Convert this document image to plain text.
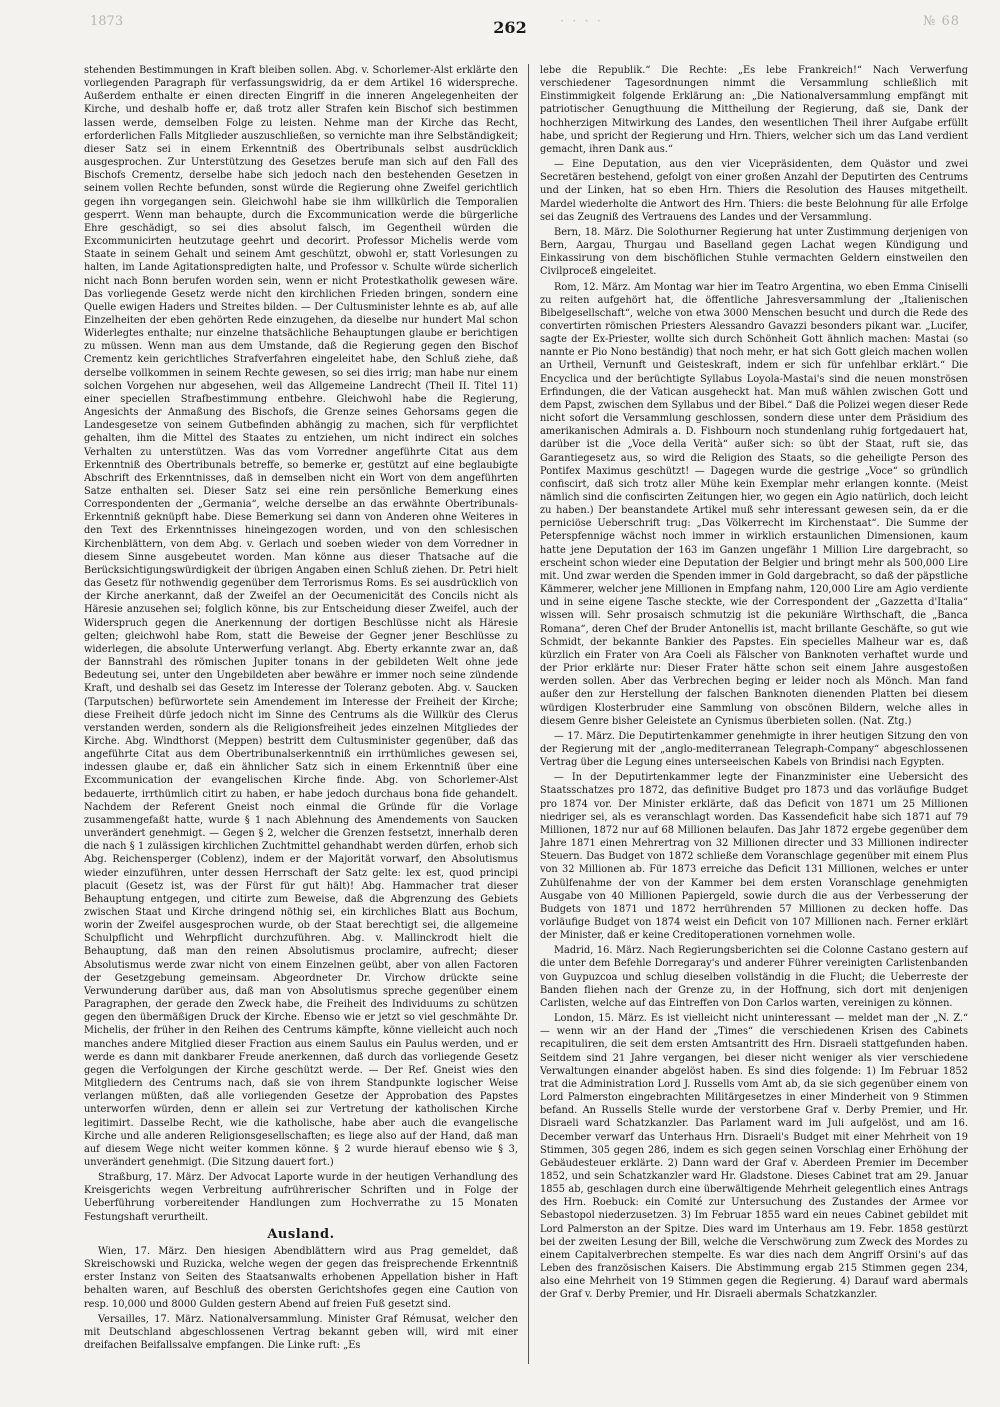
1873	· · · ·	№ 68
262

stehenden Bestimmungen in Kraft bleiben sollen. Abg. v. Schorlemer-Alst erklärte den vorliegenden Paragraph für verfassungswidrig, da er dem Artikel 16 widerspreche. Außerdem enthalte er einen directen Eingriff in die inneren Angelegenheiten der Kirche, und deshalb hoffe er, daß trotz aller Strafen kein Bischof sich bestimmen lassen werde, demselben Folge zu leisten. Nehme man der Kirche das Recht, erforderlichen Falls Mitglieder auszuschließen, so vernichte man ihre Selbständigkeit; dieser Satz sei in einem Erkenntniß des Obertribunals selbst ausdrücklich ausgesprochen. Zur Unterstützung des Gesetzes berufe man sich auf den Fall des Bischofs Crementz, derselbe habe sich jedoch nach den bestehenden Gesetzen in seinem vollen Rechte befunden, sonst würde die Regierung ohne Zweifel gerichtlich gegen ihn vorgegangen sein. Gleichwohl habe sie ihm willkürlich die Temporalien gesperrt. Wenn man behaupte, durch die Excommunication werde die bürgerliche Ehre geschädigt, so sei dies absolut falsch, im Gegentheil würden die Excommunicirten heutzutage geehrt und decorirt. Professor Michelis werde vom Staate in seinem Gehalt und seinem Amt geschützt, obwohl er, statt Vorlesungen zu halten, im Lande Agitationspredigten halte, und Professor v. Schulte würde sicherlich nicht nach Bonn berufen worden sein, wenn er nicht Protestkatholik gewesen wäre. Das vorliegende Gesetz werde nicht den kirchlichen Frieden bringen, sondern eine Quelle ewigen Haders und Streites bilden. — Der Cultusminister lehnte es ab, auf alle Einzelheiten der eben gehörten Rede einzugehen, da dieselbe nur hundert Mal schon Widerlegtes enthalte; nur einzelne thatsächliche Behauptungen glaube er berichtigen zu müssen. Wenn man aus dem Umstande, daß die Regierung gegen den Bischof Crementz kein gerichtliches Strafverfahren eingeleitet habe, den Schluß ziehe, daß derselbe vollkommen in seinem Rechte gewesen, so sei dies irrig; man habe nur einem solchen Vorgehen nur abgesehen, weil das Allgemeine Landrecht (Theil II. Titel 11) einer speciellen Strafbestimmung entbehre. Gleichwohl habe die Regierung, Angesichts der Anmaßung des Bischofs, die Grenze seines Gehorsams gegen die Landesgesetze von seinem Gutbefinden abhängig zu machen, sich für verpflichtet gehalten, ihm die Mittel des Staates zu entziehen, um nicht indirect ein solches Verhalten zu unterstützen. Was das vom Vorredner angeführte Citat aus dem Erkenntniß des Obertribunals betreffe, so bemerke er, gestützt auf eine beglaubigte Abschrift des Erkenntnisses, daß in demselben nicht ein Wort von dem angeführten Satze enthalten sei. Dieser Satz sei eine rein persönliche Bemerkung eines Correspondenten der „Germania“, welche derselbe an das erwähnte Obertribunals-Erkenntniß geknüpft habe. Diese Bemerkung sei dann von Anderen ohne Weiteres in den Text des Erkenntnisses hineingezogen worden, und von den schlesischen Kirchenblättern, von dem Abg. v. Gerlach und soeben wieder von dem Vorredner in diesem Sinne ausgebeutet worden. Man könne aus dieser Thatsache auf die Berücksichtigungswürdigkeit der übrigen Angaben einen Schluß ziehen. Dr. Petri hielt das Gesetz für nothwendig gegenüber dem Terrorismus Roms. Es sei ausdrücklich von der Kirche anerkannt, daß der Zweifel an der Oecumenicität des Concils nicht als Häresie anzusehen sei; folglich könne, bis zur Entscheidung dieser Zweifel, auch der Widerspruch gegen die Anerkennung der dortigen Beschlüsse nicht als Häresie gelten; gleichwohl habe Rom, statt die Beweise der Gegner jener Beschlüsse zu widerlegen, die absolute Unterwerfung verlangt. Abg. Eberty erkannte zwar an, daß der Bannstrahl des römischen Jupiter tonans in der gebildeten Welt ohne jede Bedeutung sei, unter den Ungebildeten aber bewähre er immer noch seine zündende Kraft, und deshalb sei das Gesetz im Interesse der Toleranz geboten. Abg. v. Saucken (Tarputschen) befürwortete sein Amendement im Interesse der Freiheit der Kirche; diese Freiheit dürfe jedoch nicht im Sinne des Centrums als die Willkür des Clerus verstanden werden, sondern als die Religionsfreiheit jedes einzelnen Mitgliedes der Kirche. Abg. Windthorst (Meppen) bestritt dem Cultusminister gegenüber, daß das angeführte Citat aus dem Obertribunalserkenntniß ein irrthümliches gewesen sei, indessen glaube er, daß ein ähnlicher Satz sich in einem Erkenntniß über eine Excommunication der evangelischen Kirche finde. Abg. von Schorlemer-Alst bedauerte, irrthümlich citirt zu haben, er habe jedoch durchaus bona fide gehandelt. Nachdem der Referent Gneist noch einmal die Gründe für die Vorlage zusammengefaßt hatte, wurde § 1 nach Ablehnung des Amendements von Saucken unverändert genehmigt. — Gegen § 2, welcher die Grenzen festsetzt, innerhalb deren die nach § 1 zulässigen kirchlichen Zuchtmittel gehandhabt werden dürfen, erhob sich Abg. Reichensperger (Coblenz), indem er der Majorität vorwarf, den Absolutismus wieder einzuführen, unter dessen Herrschaft der Satz gelte: lex est, quod principi placuit (Gesetz ist, was der Fürst für gut hält)! Abg. Hammacher trat dieser Behauptung entgegen, und citirte zum Beweise, daß die Abgrenzung des Gebiets zwischen Staat und Kirche dringend nöthig sei, ein kirchliches Blatt aus Bochum, worin der Zweifel ausgesprochen wurde, ob der Staat berechtigt sei, die allgemeine Schulpflicht und Wehrpflicht durchzuführen. Abg. v. Mallinckrodt hielt die Behauptung, daß man den reinen Absolutismus proclamire, aufrecht; dieser Absolutismus werde zwar nicht von einem Einzelnen geübt, aber von allen Factoren der Gesetzgebung gemeinsam. Abgeordneter Dr. Virchow drückte seine Verwunderung darüber aus, daß man von Absolutismus spreche gegenüber einem Paragraphen, der gerade den Zweck habe, die Freiheit des Individuums zu schützen gegen den übermäßigen Druck der Kirche. Ebenso wie er jetzt so viel geschmähte Dr. Michelis, der früher in den Reihen des Centrums kämpfte, könne vielleicht auch noch manches andere Mitglied dieser Fraction aus einem Saulus ein Paulus werden, und er werde es dann mit dankbarer Freude anerkennen, daß durch das vorliegende Gesetz gegen die Verfolgungen der Kirche geschützt werde. — Der Ref. Gneist wies den Mitgliedern des Centrums nach, daß sie von ihrem Standpunkte logischer Weise verlangen müßten, daß alle vorliegenden Gesetze der Approbation des Papstes unterworfen würden, denn er allein sei zur Vertretung der katholischen Kirche legitimirt. Dasselbe Recht, wie die katholische, habe aber auch die evangelische Kirche und alle anderen Religionsgesellschaften; es liege also auf der Hand, daß man auf diesem Wege nicht weiter kommen könne. § 2 wurde hierauf ebenso wie § 3, unverändert genehmigt. (Die Sitzung dauert fort.)

Straßburg, 17. März. Der Advocat Laporte wurde in der heutigen Verhandlung des Kreisgerichts wegen Verbreitung aufrührerischer Schriften und in Folge der Ueberführung vorbereitender Handlungen zum Hochverrathe zu 15 Monaten Festungshaft verurtheilt.

Ausland.

Wien, 17. März. Den hiesigen Abendblättern wird aus Prag gemeldet, daß Skreischowski und Ruzicka, welche wegen der gegen das freisprechende Erkenntniß erster Instanz von Seiten des Staatsanwalts erhobenen Appellation bisher in Haft behalten waren, auf Beschluß des obersten Gerichtshofes gegen eine Caution von resp. 10,000 und 8000 Gulden gestern Abend auf freien Fuß gesetzt sind.

Versailles, 17. März. Nationalversammlung. Minister Graf Rémusat, welcher den mit Deutschland abgeschlossenen Vertrag bekannt geben will, wird mit einer dreifachen Beifallssalve empfangen. Die Linke ruft: „Es

lebe die Republik.“ Die Rechte: „Es lebe Frankreich!“ Nach Verwerfung verschiedener Tagesordnungen nimmt die Versammlung schließlich mit Einstimmigkeit folgende Erklärung an: „Die Nationalversammlung empfängt mit patriotischer Genugthuung die Mittheilung der Regierung, daß sie, Dank der hochherzigen Mitwirkung des Landes, den wesentlichen Theil ihrer Aufgabe erfüllt habe, und spricht der Regierung und Hrn. Thiers, welcher sich um das Land verdient gemacht, ihren Dank aus.“

— Eine Deputation, aus den vier Vicepräsidenten, dem Quästor und zwei Secretären bestehend, gefolgt von einer großen Anzahl der Deputirten des Centrums und der Linken, hat so eben Hrn. Thiers die Resolution des Hauses mitgetheilt. Mardel wiederholte die Antwort des Hrn. Thiers: die beste Belohnung für alle Erfolge sei das Zeugniß des Vertrauens des Landes und der Versammlung.

Bern, 18. März. Die Solothurner Regierung hat unter Zustimmung derjenigen von Bern, Aargau, Thurgau und Baselland gegen Lachat wegen Kündigung und Einkassirung von dem bischöflichen Stuhle vermachten Geldern einstweilen den Civilproceß eingeleitet.

Rom, 12. März. Am Montag war hier im Teatro Argentina, wo eben Emma Ciniselli zu reiten aufgehört hat, die öffentliche Jahresversammlung der „Italienischen Bibelgesellschaft“, welche von etwa 3000 Menschen besucht und durch die Rede des convertirten römischen Priesters Alessandro Gavazzi besonders pikant war. „Lucifer, sagte der Ex-Priester, wollte sich durch Schönheit Gott ähnlich machen: Mastai (so nannte er Pio Nono beständig) that noch mehr, er hat sich Gott gleich machen wollen an Urtheil, Vernunft und Geisteskraft, indem er sich für unfehlbar erklärt.“ Die Encyclica und der berüchtigte Syllabus Loyola-Mastai's sind die neuen monströsen Erfindungen, die der Vatican ausgeheckt hat. Man muß wählen zwischen Gott und dem Papst, zwischen dem Syllabus und der Bibel.“ Daß die Polizei wegen dieser Rede nicht sofort die Versammlung geschlossen, sondern diese unter dem Präsidium des amerikanischen Admirals a. D. Fishbourn noch stundenlang ruhig fortgedauert hat, darüber ist die „Voce della Verità“ außer sich: so übt der Staat, ruft sie, das Garantiegesetz aus, so wird die Religion des Staats, so die geheiligte Person des Pontifex Maximus geschützt! — Dagegen wurde die gestrige „Voce“ so gründlich confiscirt, daß sich trotz aller Mühe kein Exemplar mehr erlangen konnte. (Meist nämlich sind die confiscirten Zeitungen hier, wo gegen ein Agio natürlich, doch leicht zu haben.) Der beanstandete Artikel muß sehr interessant gewesen sein, da er die perniciöse Ueberschrift trug: „Das Völkerrecht im Kirchenstaat“. Die Summe der Peterspfennige wächst noch immer in wirklich erstaunlichen Dimensionen, kaum hatte jene Deputation der 163 im Ganzen ungefähr 1 Million Lire dargebracht, so erscheint schon wieder eine Deputation der Belgier und bringt mehr als 500,000 Lire mit. Und zwar werden die Spenden immer in Gold dargebracht, so daß der päpstliche Kämmerer, welcher jene Millionen in Empfang nahm, 120,000 Lire am Agio verdiente und in seine eigene Tasche steckte, wie der Correspondent der „Gazzetta d'Italia“ wissen will. Sehr prosaisch schmutzig ist die pekuniäre Wirthschaft, die „Banca Romana“, deren Chef der Bruder Antonellis ist, macht brillante Geschäfte, so gut wie Schmidt, der bekannte Bankier des Papstes. Ein specielles Malheur war es, daß kürzlich ein Frater von Ara Coeli als Fälscher von Banknoten verhaftet wurde und der Prior erklärte nur: Dieser Frater hätte schon seit einem Jahre ausgestoßen werden sollen. Aber das Verbrechen beging er leider noch als Mönch. Man fand außer den zur Herstellung der falschen Banknoten dienenden Platten bei diesem würdigen Klosterbruder eine Sammlung von obscönen Bildern, welche alles in diesem Genre bisher Geleistete an Cynismus überbieten sollen. (Nat. Ztg.)

— 17. März. Die Deputirtenkammer genehmigte in ihrer heutigen Sitzung den von der Regierung mit der „anglo-mediterranean Telegraph-Company“ abgeschlossenen Vertrag über die Legung eines unterseeischen Kabels von Brindisi nach Egypten.

— In der Deputirtenkammer legte der Finanzminister eine Uebersicht des Staatsschatzes pro 1872, das definitive Budget pro 1873 und das vorläufige Budget pro 1874 vor. Der Minister erklärte, daß das Deficit von 1871 um 25 Millionen niedriger sei, als es veranschlagt worden. Das Kassendeficit habe sich 1871 auf 79 Millionen, 1872 nur auf 68 Millionen belaufen. Das Jahr 1872 ergebe gegenüber dem Jahre 1871 einen Mehrertrag von 32 Millionen directer und 33 Millionen indirecter Steuern. Das Budget von 1872 schließe dem Voranschlage gegenüber mit einem Plus von 32 Millionen ab. Für 1873 erreiche das Deficit 131 Millionen, welches er unter Zuhülfenahme der von der Kammer bei dem ersten Voranschlage genehmigten Ausgabe von 40 Millionen Papiergeld, sowie durch die aus der Verbesserung der Budgets von 1871 und 1872 herrührenden 57 Millionen zu decken hoffe. Das vorläufige Budget von 1874 weist ein Deficit von 107 Millionen nach. Ferner erklärt der Minister, daß er keine Creditoperationen vornehmen wolle.

Madrid, 16. März. Nach Regierungsberichten sei die Colonne Castano gestern auf die unter dem Befehle Dorregaray's und anderer Führer vereinigten Carlistenbanden von Guypuzcoa und schlug dieselben vollständig in die Flucht; die Ueberreste der Banden fliehen nach der Grenze zu, in der Hoffnung, sich dort mit denjenigen Carlisten, welche auf das Eintreffen von Don Carlos warten, vereinigen zu können.

London, 15. März. Es ist vielleicht nicht uninteressant — meldet man der „N. Z.“ — wenn wir an der Hand der „Times“ die verschiedenen Krisen des Cabinets recapituliren, die seit dem ersten Amtsantritt des Hrn. Disraeli stattgefunden haben. Seitdem sind 21 Jahre vergangen, bei dieser nicht weniger als vier verschiedene Verwaltungen einander abgelöst haben. Es sind dies folgende: 1) Im Februar 1852 trat die Administration Lord J. Russells vom Amt ab, da sie sich gegenüber einem von Lord Palmerston eingebrachten Militärgesetzes in einer Minderheit von 9 Stimmen befand. An Russells Stelle wurde der verstorbene Graf v. Derby Premier, und Hr. Disraeli ward Schatzkanzler. Das Parlament ward im Juli aufgelöst, und am 16. December verwarf das Unterhaus Hrn. Disraeli's Budget mit einer Mehrheit von 19 Stimmen, 305 gegen 286, indem es sich gegen seinen Vorschlag einer Erhöhung der Gebäudesteuer erklärte. 2) Dann ward der Graf v. Aberdeen Premier im December 1852, und sein Schatzkanzler ward Hr. Gladstone. Dieses Cabinet trat am 29. Januar 1855 ab, geschlagen durch eine überwältigende Mehrheit gelegentlich eines Antrags des Hrn. Roebuck: ein Comité zur Untersuchung des Zustandes der Armee vor Sebastopol niederzusetzen. 3) Im Februar 1855 ward ein neues Cabinet gebildet mit Lord Palmerston an der Spitze. Dies ward im Unterhaus am 19. Febr. 1858 gestürzt bei der zweiten Lesung der Bill, welche die Verschwörung zum Zweck des Mordes zu einem Capitalverbrechen stempelte. Es war dies nach dem Angriff Orsini's auf das Leben des französischen Kaisers. Die Abstimmung ergab 215 Stimmen gegen 234, also eine Mehrheit von 19 Stimmen gegen die Regierung. 4) Darauf ward abermals der Graf v. Derby Premier, und Hr. Disraeli abermals Schatzkanzler.
